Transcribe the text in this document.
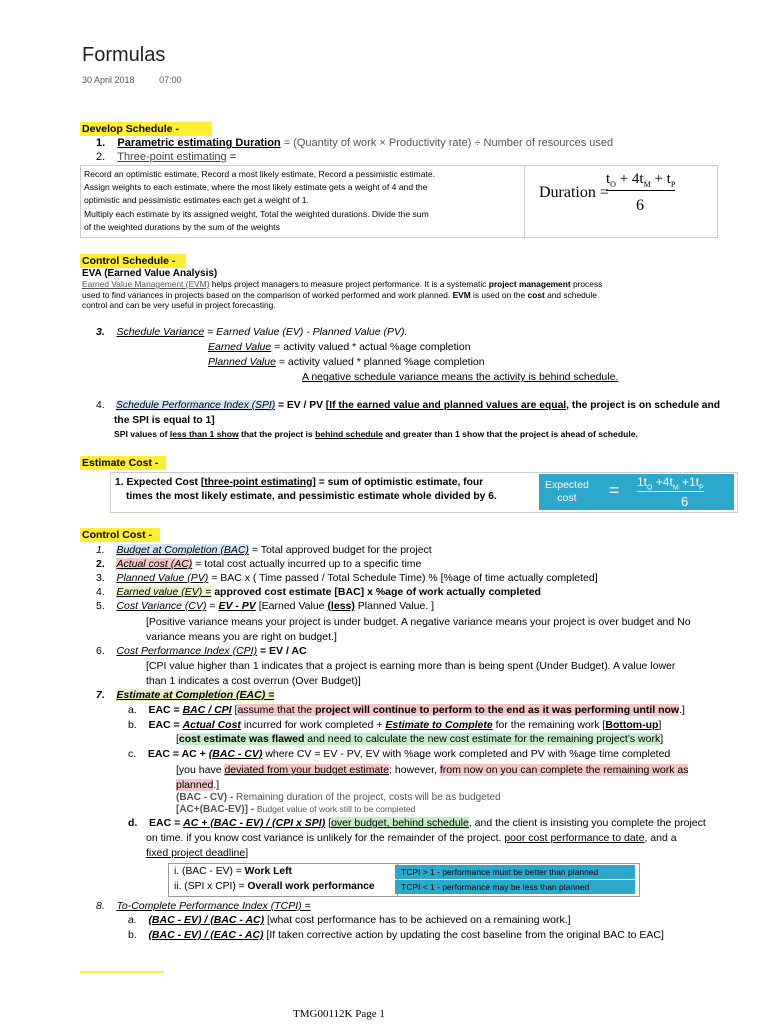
Formulas
30 April 2018	07:00
Develop Schedule -
1. Parametric estimating Duration = (Quantity of work × Productivity rate) ÷ Number of resources used
2. Three-point estimating =
Record an optimistic estimate, Record a most likely estimate, Record a pessimistic estimate.
Assign weights to each estimate, where the most likely estimate gets a weight of 4 and the
optimistic and pessimistic estimates each get a weight of 1.
Multiply each estimate by its assigned weight, Total the weighted durations. Divide the sum
of the weighted durations by the sum of the weights
Duration =
$t_O + 4t_M + t_P$
6
Control Schedule -
EVA (Earned Value Analysis)
Earned Value Management (EVM) helps project managers to measure project performance. It is a systematic project management process
used to find variances in projects based on the comparison of worked performed and work planned. EVM is used on the cost and schedule
control and can be very useful in project forecasting.
3. Schedule Variance = Earned Value (EV) - Planned Value (PV).
Earned Value = activity valued * actual %age completion
Planned Value = activity valued * planned %age completion
A negative schedule variance means the activity is behind schedule.
4. Schedule Performance Index (SPI) = EV / PV [If the earned value and planned values are equal, the project is on schedule and
the SPI is equal to 1]
SPI values of less than 1 show that the project is behind schedule and greater than 1 show that the project is ahead of schedule.
Estimate Cost -
1. Expected Cost [three-point estimating] = sum of optimistic estimate, four
times the most likely estimate, and pessimistic estimate whole divided by 6.
Expected
cost	= $1t_O +4t_M +1t_P$
6
Control Cost -
1. Budget at Completion (BAC) = Total approved budget for the project
2. Actual cost (AC) = total cost actually incurred up to a specific time
3. Planned Value (PV) = BAC x ( Time passed / Total Schedule Time) % [%age of time actually completed]
4. Earned value (EV) = approved cost estimate [BAC] x %age of work actually completed
5. Cost Variance (CV) = EV - PV [Earned Value (less) Planned Value. ]
[Positive variance means your project is under budget. A negative variance means your project is over budget and No
variance means you are right on budget.]
6. Cost Performance Index (CPI) = EV / AC
[CPI value higher than 1 indicates that a project is earning more than is being spent (Under Budget). A value lower
than 1 indicates a cost overrun (Over Budget)]
7. Estimate at Completion (EAC) =
a. EAC = BAC / CPI [assume that the project will continue to perform to the end as it was performing until now.]
b. EAC = Actual Cost incurred for work completed + Estimate to Complete for the remaining work [Bottom-up]
[cost estimate was flawed and need to calculate the new cost estimate for the remaining project’s work]
c. EAC = AC + (BAC - CV) where CV = EV - PV, EV with %age work completed and PV with %age time completed
[you have deviated from your budget estimate; however, from now on you can complete the remaining work as
planned.]
(BAC - CV) - Remaining duration of the project, costs will be as budgeted
[AC+(BAC-EV)] - Budget value of work still to be completed
d. EAC = AC + (BAC - EV) / (CPI x SPI) [over budget, behind schedule, and the client is insisting you complete the project
on time. if you know cost variance is unlikely for the remainder of the project. poor cost performance to date, and a
fixed project deadline]
i. (BAC - EV) = Work Left
ii. (SPI x CPI) = Overall work performance
TCPI > 1 - performance must be better than planned
TCPI < 1 - performance may be less than planned
8. To-Complete Performance Index (TCPI) =
a. (BAC - EV) / (BAC - AC) [what cost performance has to be achieved on a remaining work.]
b. (BAC - EV) / (EAC - AC) [If taken corrective action by updating the cost baseline from the original BAC to EAC]
TMG00112K Page 1
